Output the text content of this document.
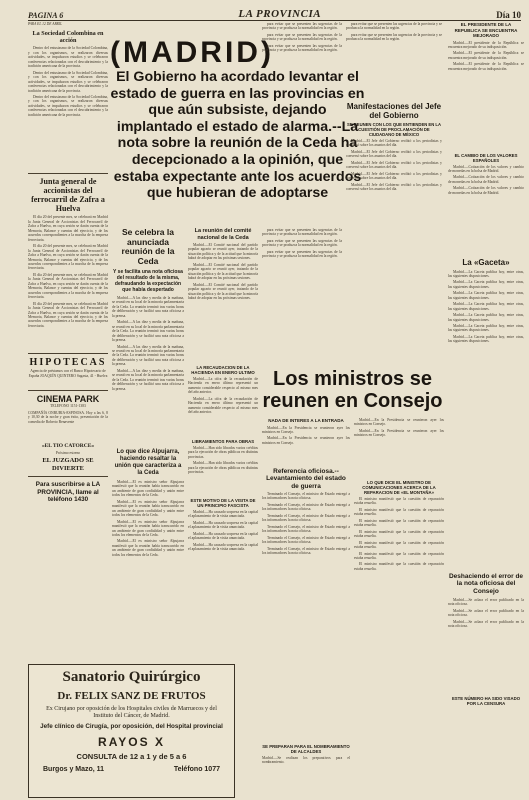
PAGINA 6	LA PROVINCIA	Día 10
PARA EL 12 DE ABRIL
La Sociedad Colombina en acción

Dentro del entusiasmo de la Sociedad Colombina, y con los organismos, se realizaron diversas actividades, se impulsaron estudios y se celebraron conferencias relacionadas con el descubrimiento y la tradición americana de la provincia.

Dentro del entusiasmo de la Sociedad Colombina, y con los organismos, se realizaron diversas actividades, se impulsaron estudios y se celebraron conferencias relacionadas con el descubrimiento y la tradición americana de la provincia.

Dentro del entusiasmo de la Sociedad Colombina, y con los organismos, se realizaron diversas actividades, se impulsaron estudios y se celebraron conferencias relacionadas con el descubrimiento y la tradición americana de la provincia.

Junta general de accionistas del ferrocarril de Zafra a Huelva

El día 20 del presente mes, se celebrará en Madrid la Junta General de Accionistas del Ferrocarril de Zafra a Huelva, en cuya sesión se darán cuenta de la Memoria, Balance y cuentas del ejercicio, y de los acuerdos correspondientes a la marcha de la empresa ferroviaria.

El día 20 del presente mes, se celebrará en Madrid la Junta General de Accionistas del Ferrocarril de Zafra a Huelva, en cuya sesión se darán cuenta de la Memoria, Balance y cuentas del ejercicio, y de los acuerdos correspondientes a la marcha de la empresa ferroviaria.

El día 20 del presente mes, se celebrará en Madrid la Junta General de Accionistas del Ferrocarril de Zafra a Huelva, en cuya sesión se darán cuenta de la Memoria, Balance y cuentas del ejercicio, y de los acuerdos correspondientes a la marcha de la empresa ferroviaria.

El día 20 del presente mes, se celebrará en Madrid la Junta General de Accionistas del Ferrocarril de Zafra a Huelva, en cuya sesión se darán cuenta de la Memoria, Balance y cuentas del ejercicio, y de los acuerdos correspondientes a la marcha de la empresa ferroviaria.

HIPOTECAS
Agencia de préstamos con el Banco Hipotecario de España JOAQUÍN QUINTERO Sagasta, 41 - Huelva
CINEMA PARK
TELEFONO 1151-1383
COMPAÑÍA ONRUBIA-ESPINOSA. Hoy a las 6, 8 y 10,30 de la noche y gran éxito, presentación de la comedia de Roberto Benavente
«EL TIO CATORCE»
Próximo estreno
EL JUZGADO SE DIVIERTE
Para suscribirse a LA PROVINCIA, llame al teléfono 1430
Sanatorio Quirúrgico
Dr. FELIX SANZ DE FRUTOS
Ex Cirujano por oposición de los Hospitales civiles de Marruecos y del Instituto del Cáncer, de Madrid.
Jefe clínico de Cirugía, por oposición, del Hospital provincial
RAYOS X
CONSULTA de 12 a 1 y de 5 a 6
Burgos y Mazo, 11	Teléfono 1077
(MADRID)
El Gobierno ha acordado levantar el estado de guerra en las provincias en que aún subsiste, dejando implantado el estado de alarma.--La nota sobre la reunión de la Ceda ha decepcionado a la opinión, que estaba expectante ante los acuerdos que hubieran de adoptarse
Se celebra la anunciada reunión de la Ceda
Y se facilita una nota oficiosa del resultado de la misma, defraudando la expectación que había despertado

Madrid.—A las diez y media de la mañana, se reunió en su local de la minoría parlamentaria de la Ceda. La reunión terminó tras varias horas de deliberación y se facilitó una nota oficiosa a la prensa.

Madrid.—A las diez y media de la mañana, se reunió en su local de la minoría parlamentaria de la Ceda. La reunión terminó tras varias horas de deliberación y se facilitó una nota oficiosa a la prensa.

Madrid.—A las diez y media de la mañana, se reunió en su local de la minoría parlamentaria de la Ceda. La reunión terminó tras varias horas de deliberación y se facilitó una nota oficiosa a la prensa.

Madrid.—A las diez y media de la mañana, se reunió en su local de la minoría parlamentaria de la Ceda. La reunión terminó tras varias horas de deliberación y se facilitó una nota oficiosa a la prensa.

Lo que dice Alpujarra, haciendo resaltar la unión que caracteriza a la Ceda

Madrid.—El ex ministro señor Alpujarra manifestó que la reunión había transcurrido en un ambiente de gran cordialidad y unión entre todos los elementos de la Ceda.

Madrid.—El ex ministro señor Alpujarra manifestó que la reunión había transcurrido en un ambiente de gran cordialidad y unión entre todos los elementos de la Ceda.

Madrid.—El ex ministro señor Alpujarra manifestó que la reunión había transcurrido en un ambiente de gran cordialidad y unión entre todos los elementos de la Ceda.

Madrid.—El ex ministro señor Alpujarra manifestó que la reunión había transcurrido en un ambiente de gran cordialidad y unión entre todos los elementos de la Ceda.

La reunión del comité nacional de la Ceda

Madrid.—El Comité nacional del partido popular agrario se reunió ayer, tratando de la situación política y de la actitud que la minoría habrá de adoptar en las próximas sesiones.

Madrid.—El Comité nacional del partido popular agrario se reunió ayer, tratando de la situación política y de la actitud que la minoría habrá de adoptar en las próximas sesiones.

Madrid.—El Comité nacional del partido popular agrario se reunió ayer, tratando de la situación política y de la actitud que la minoría habrá de adoptar en las próximas sesiones.

LA RECAUDACION DE LA HACIENDA EN ENERO ULTIMO

Madrid.—La cifra de la recaudación de Hacienda en enero último representó un aumento considerable respecto al mismo mes del año anterior.

Madrid.—La cifra de la recaudación de Hacienda en enero último representó un aumento considerable respecto al mismo mes del año anterior.

LIBRAMIENTOS PARA OBRAS

Madrid.—Han sido librados varios créditos para la ejecución de obras públicas en distintas provincias.

Madrid.—Han sido librados varios créditos para la ejecución de obras públicas en distintas provincias.

ESTE MOTIVO DE LA VISITA DE UN PRINCIPIO FASCISTA

Madrid.—Ha causado sorpresa en la capital el aplazamiento de la visita anunciada.

Madrid.—Ha causado sorpresa en la capital el aplazamiento de la visita anunciada.

Madrid.—Ha causado sorpresa en la capital el aplazamiento de la visita anunciada.

Madrid.—Ha causado sorpresa en la capital el aplazamiento de la visita anunciada.

para evitar que se presenten las urgencias de la provincia y se produzca la normalidad en la región.

para evitar que se presenten las urgencias de la provincia y se produzca la normalidad en la región.

para evitar que se presenten las urgencias de la provincia y se produzca la normalidad en la región.

para evitar que se presenten las urgencias de la provincia y se produzca la normalidad en la región.

para evitar que se presenten las urgencias de la provincia y se produzca la normalidad en la región.

para evitar que se presenten las urgencias de la provincia y se produzca la normalidad en la región.

para evitar que se presenten las urgencias de la provincia y se produzca la normalidad en la región.

para evitar que se presenten las urgencias de la provincia y se produzca la normalidad en la región.

Manifestaciones del Jefe del Gobierno
SE REUNEN CON LOS QUE ENTIENDEN EN LA CUESTIÓN DE PROCLAMACIÓN DE CIUDADANO DE MÉXICO

Madrid.—El Jefe del Gobierno recibió a los periodistas y conversó sobre los asuntos del día.

Madrid.—El Jefe del Gobierno recibió a los periodistas y conversó sobre los asuntos del día.

Madrid.—El Jefe del Gobierno recibió a los periodistas y conversó sobre los asuntos del día.

Madrid.—El Jefe del Gobierno recibió a los periodistas y conversó sobre los asuntos del día.

Madrid.—El Jefe del Gobierno recibió a los periodistas y conversó sobre los asuntos del día.

Los ministros se reunen en Consejo
NADA DE INTERES A LA ENTRADA

Madrid.—En la Presidencia se reunieron ayer los ministros en Consejo.

Madrid.—En la Presidencia se reunieron ayer los ministros en Consejo.

Referencia oficiosa.--Levantamiento del estado de guerra

Terminado el Consejo, el ministro de Estado entregó a los informadores la nota oficiosa.

Terminado el Consejo, el ministro de Estado entregó a los informadores la nota oficiosa.

Terminado el Consejo, el ministro de Estado entregó a los informadores la nota oficiosa.

Terminado el Consejo, el ministro de Estado entregó a los informadores la nota oficiosa.

Terminado el Consejo, el ministro de Estado entregó a los informadores la nota oficiosa.

Terminado el Consejo, el ministro de Estado entregó a los informadores la nota oficiosa.

SE PREPARAN PARA EL NOMBRAMIENTO DE ALCALDES
Madrid.—Se realizan los preparativos para el nombramiento.

Madrid.—En la Presidencia se reunieron ayer los ministros en Consejo.

Madrid.—En la Presidencia se reunieron ayer los ministros en Consejo.

LO QUE DICE EL MINISTRO DE COMUNICACIONES ACERCA DE LA REPARACION DE «EL MONTAÑA»

El ministro manifestó que la cuestión de reparación estaba resuelta.

El ministro manifestó que la cuestión de reparación estaba resuelta.

El ministro manifestó que la cuestión de reparación estaba resuelta.

El ministro manifestó que la cuestión de reparación estaba resuelta.

El ministro manifestó que la cuestión de reparación estaba resuelta.

El ministro manifestó que la cuestión de reparación estaba resuelta.

El ministro manifestó que la cuestión de reparación estaba resuelta.

EL PRESIDENTE DE LA REPUBLICA SE ENCUENTRA MEJORADO

Madrid.—El presidente de la República se encuentra mejorado de su indisposición.

Madrid.—El presidente de la República se encuentra mejorado de su indisposición.

Madrid.—El presidente de la República se encuentra mejorado de su indisposición.

EL CAMBIO DE LOS VALORES ESPAÑOLES

Madrid.—Cotización de los valores y cambio de monedas en la bolsa de Madrid.

Madrid.—Cotización de los valores y cambio de monedas en la bolsa de Madrid.

Madrid.—Cotización de los valores y cambio de monedas en la bolsa de Madrid.

La «Gaceta»

Madrid.—La Gaceta publica hoy, entre otras, las siguientes disposiciones.

Madrid.—La Gaceta publica hoy, entre otras, las siguientes disposiciones.

Madrid.—La Gaceta publica hoy, entre otras, las siguientes disposiciones.

Madrid.—La Gaceta publica hoy, entre otras, las siguientes disposiciones.

Madrid.—La Gaceta publica hoy, entre otras, las siguientes disposiciones.

Madrid.—La Gaceta publica hoy, entre otras, las siguientes disposiciones.

Madrid.—La Gaceta publica hoy, entre otras, las siguientes disposiciones.

Deshaciendo el error de la nota oficiosa del Consejo

Madrid.—Se aclara el error publicado en la nota oficiosa.

Madrid.—Se aclara el error publicado en la nota oficiosa.

Madrid.—Se aclara el error publicado en la nota oficiosa.

ESTE NÚMERO HA SIDO VISADO POR LA CENSURA
